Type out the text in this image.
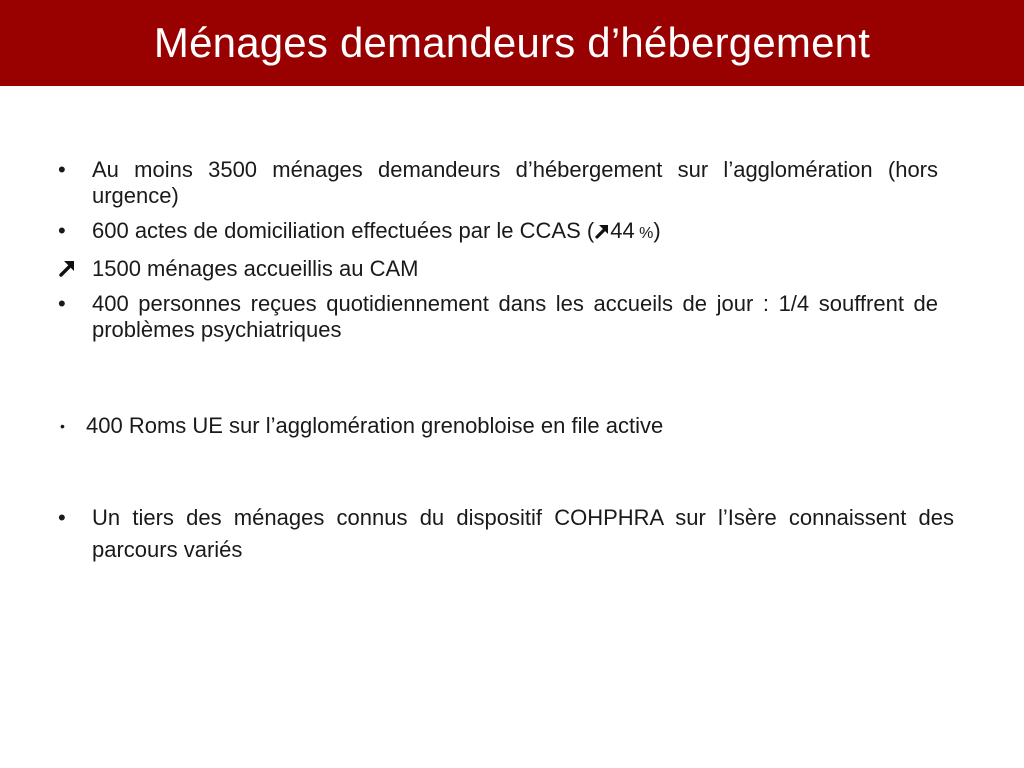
Ménages demandeurs d’hébergement

•	Au moins 3500 ménages demandeurs d’hébergement sur l’agglomération (hors urgence)

•	600 actes de domiciliation effectuées par le CCAS ( 44 %)

1500 ménages accueillis au CAM

•	400 personnes reçues quotidiennement dans les accueils de jour : 1/4 souffrent de problèmes psychiatriques

• 400 Roms UE sur l’agglomération grenobloise en file active

•	Un tiers des ménages connus du dispositif COHPHRA sur l’Isère connaissent des parcours variés
